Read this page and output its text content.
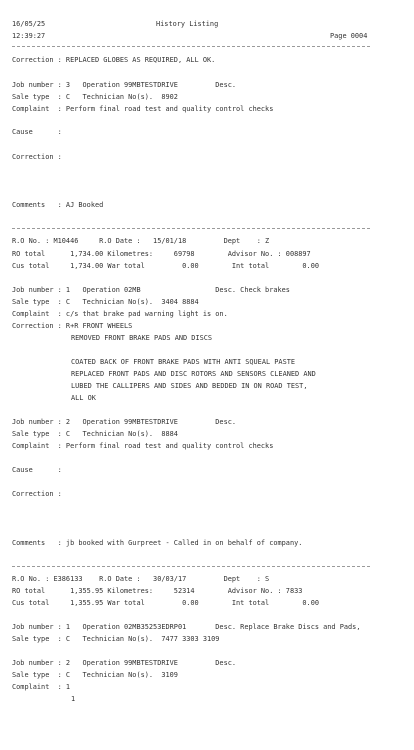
16/05/25	History Listing
12:39:27	Page 0004
Correction : REPLACED GLOBES AS REQUIRED, ALL OK.
Job number : 3   Operation 99MBTESTDRIVE         Desc.
Sale type  : C   Technician No(s).  8902
Complaint  : Perform final road test and quality control checks
Cause      :
Correction :
Comments   : AJ Booked
R.O No. : M10446     R.O Date :   15/01/18         Dept    : Z
RO total      1,734.00 Kilometres:     69798        Advisor No. : 008897
Cus total     1,734.00 War total         0.00        Int total        0.00
Job number : 1   Operation 02MB                  Desc. Check brakes
Sale type  : C   Technician No(s).  3404 8884
Complaint  : c/s that brake pad warning light is on.
Correction : R+R FRONT WHEELS
REMOVED FRONT BRAKE PADS AND DISCS
COATED BACK OF FRONT BRAKE PADS WITH ANTI SQUEAL PASTE
REPLACED FRONT PADS AND DISC ROTORS AND SENSORS CLEANED AND
LUBED THE CALLIPERS AND SIDES AND BEDDED IN ON ROAD TEST,
ALL OK
Job number : 2   Operation 99MBTESTDRIVE         Desc.
Sale type  : C   Technician No(s).  8884
Complaint  : Perform final road test and quality control checks
Cause      :
Correction :
Comments   : jb booked with Gurpreet - Called in on behalf of company.
R.O No. : E386133    R.O Date :   30/03/17         Dept    : S
RO total      1,355.95 Kilometres:     52314        Advisor No. : 7833
Cus total     1,355.95 War total         0.00        Int total        0.00
Job number : 1   Operation 02MB35253EDRP01       Desc. Replace Brake Discs and Pads,
Sale type  : C   Technician No(s).  7477 3303 3109
Job number : 2   Operation 99MBTESTDRIVE         Desc.
Sale type  : C   Technician No(s).  3109
Complaint  : 1
1
